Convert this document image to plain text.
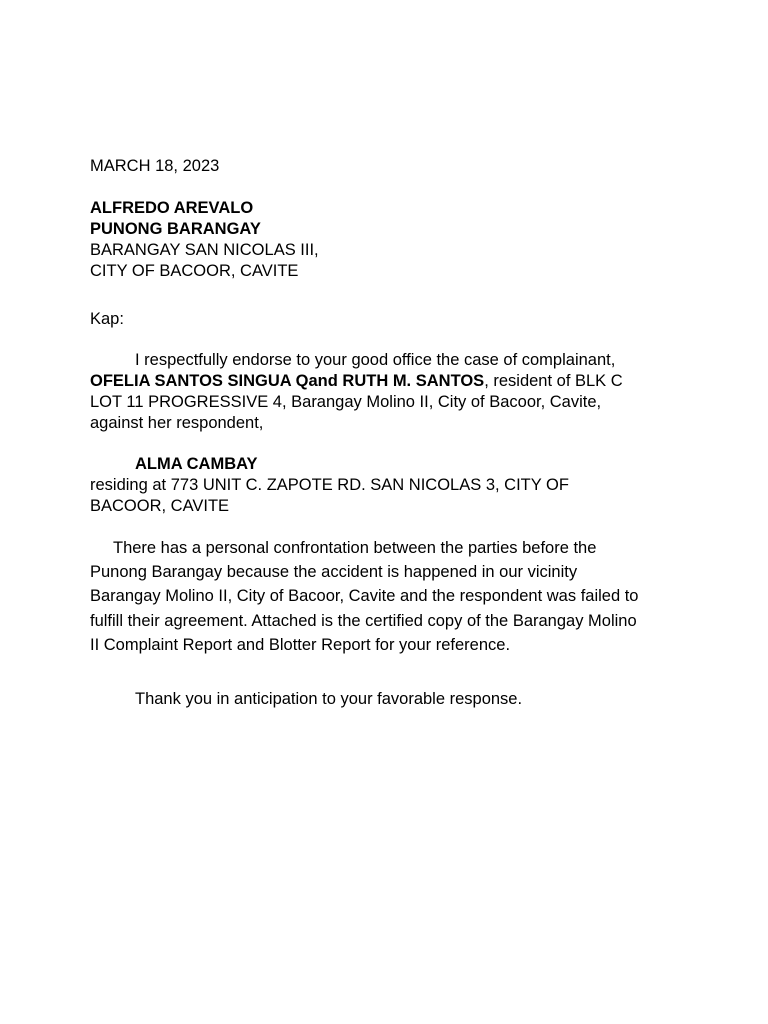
MARCH 18, 2023
ALFREDO AREVALO
PUNONG BARANGAY
BARANGAY SAN NICOLAS III,
CITY OF BACOOR, CAVITE
Kap:
I respectfully endorse to your good office the case of complainant,
OFELIA SANTOS SINGUA Qand RUTH M. SANTOS, resident of BLK C
LOT 11 PROGRESSIVE 4, Barangay Molino II, City of Bacoor, Cavite,
against her respondent,
ALMA CAMBAY
residing at 773 UNIT C. ZAPOTE RD. SAN NICOLAS 3, CITY OF
BACOOR, CAVITE
There has a personal confrontation between the parties before the
Punong Barangay because the accident is happened in our vicinity
Barangay Molino II, City of Bacoor, Cavite and the respondent was failed to
fulfill their agreement. Attached is the certified copy of the Barangay Molino
II Complaint Report and Blotter Report for your reference.
Thank you in anticipation to your favorable response.
